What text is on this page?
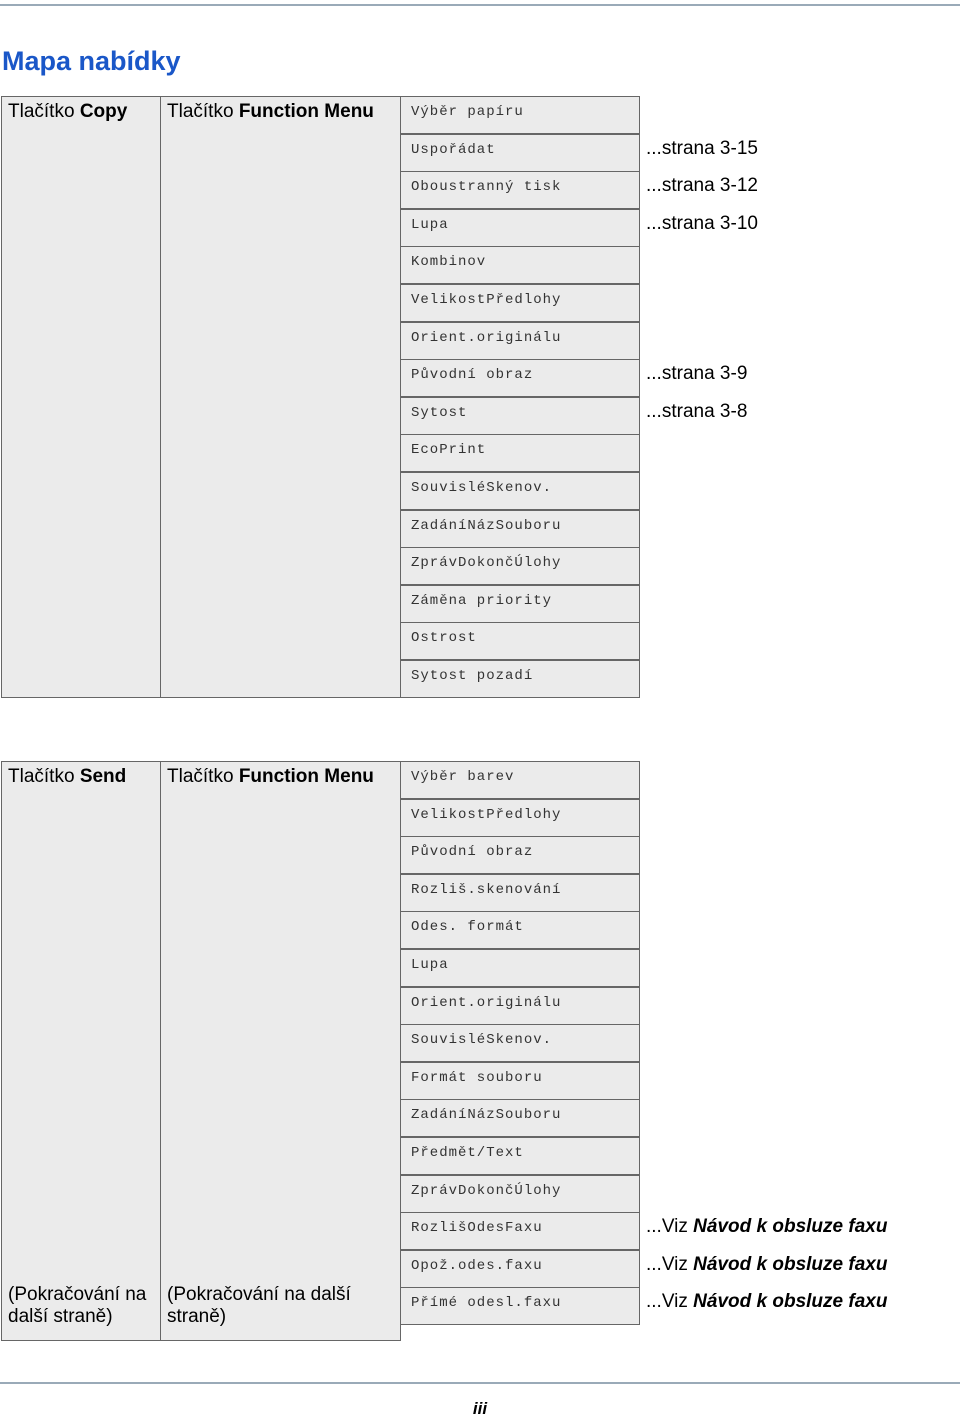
Mapa nabídky
Tlačítko Copy Tlačítko Function Menu	Výběr papíru
Uspořádat
Oboustranný tisk
Lupa
Kombinov
VelikostPředlohy
Orient.originálu
Původní obraz
Sytost
EcoPrint
SouvisléSkenov.
ZadáníNázSouboru
ZprávDokončÚlohy
Záměna priority
Ostrost
Sytost pozadí
Tlačítko Send
(Pokračování na další straně)
Tlačítko Function Menu
(Pokračování na další straně)
Výběr barev
VelikostPředlohy
Původní obraz
Rozliš.skenování
Odes. formát
Lupa
Orient.originálu
SouvisléSkenov.
Formát souboru
ZadáníNázSouboru
Předmět/Text
ZprávDokončÚlohy
RozlišOdesFaxu
Opož.odes.faxu
Přímé odesl.faxu
...strana 3-15
...strana 3-12
...strana 3-10
...strana 3-9
...strana 3-8
...Viz Návod k obsluze faxu
...Viz Návod k obsluze faxu
...Viz Návod k obsluze faxu
iii
